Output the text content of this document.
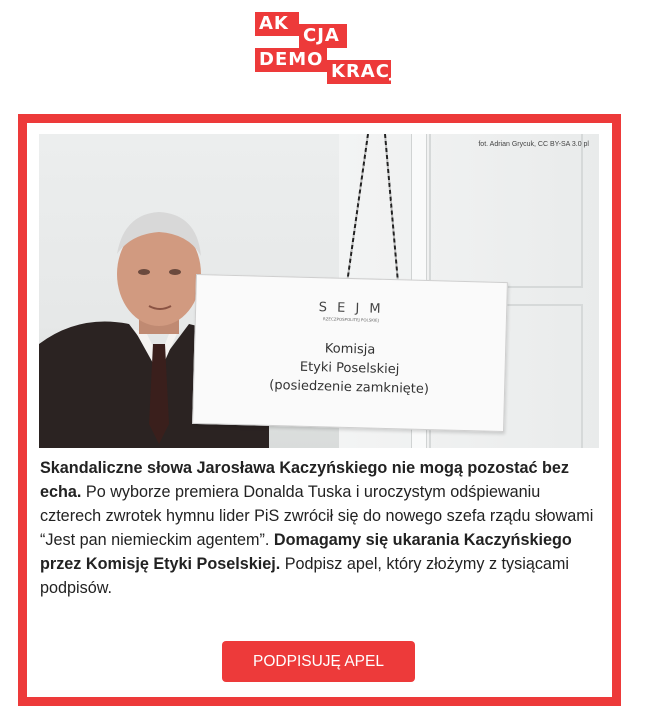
AK
CJA
DEMO
KRACJA
S E J M
RZECZPOSPOLITEJ POLSKIEJ
Komisja
Etyki Poselskiej
(posiedzenie zamknięte)
fot. Adrian Grycuk, CC BY-SA 3.0 pl
Skandaliczne słowa Jarosława Kaczyńskiego nie mogą pozostać bez echa. Po wyborze premiera Donalda Tuska i uroczystym odśpiewaniu czterech zwrotek hymnu lider PiS zwrócił się do nowego szefa rządu słowami “Jest pan niemieckim agentem”. Domagamy się ukarania Kaczyńskiego przez Komisję Etyki Poselskiej. Podpisz apel, który złożymy z tysiącami podpisów.
PODPISUJĘ APEL
